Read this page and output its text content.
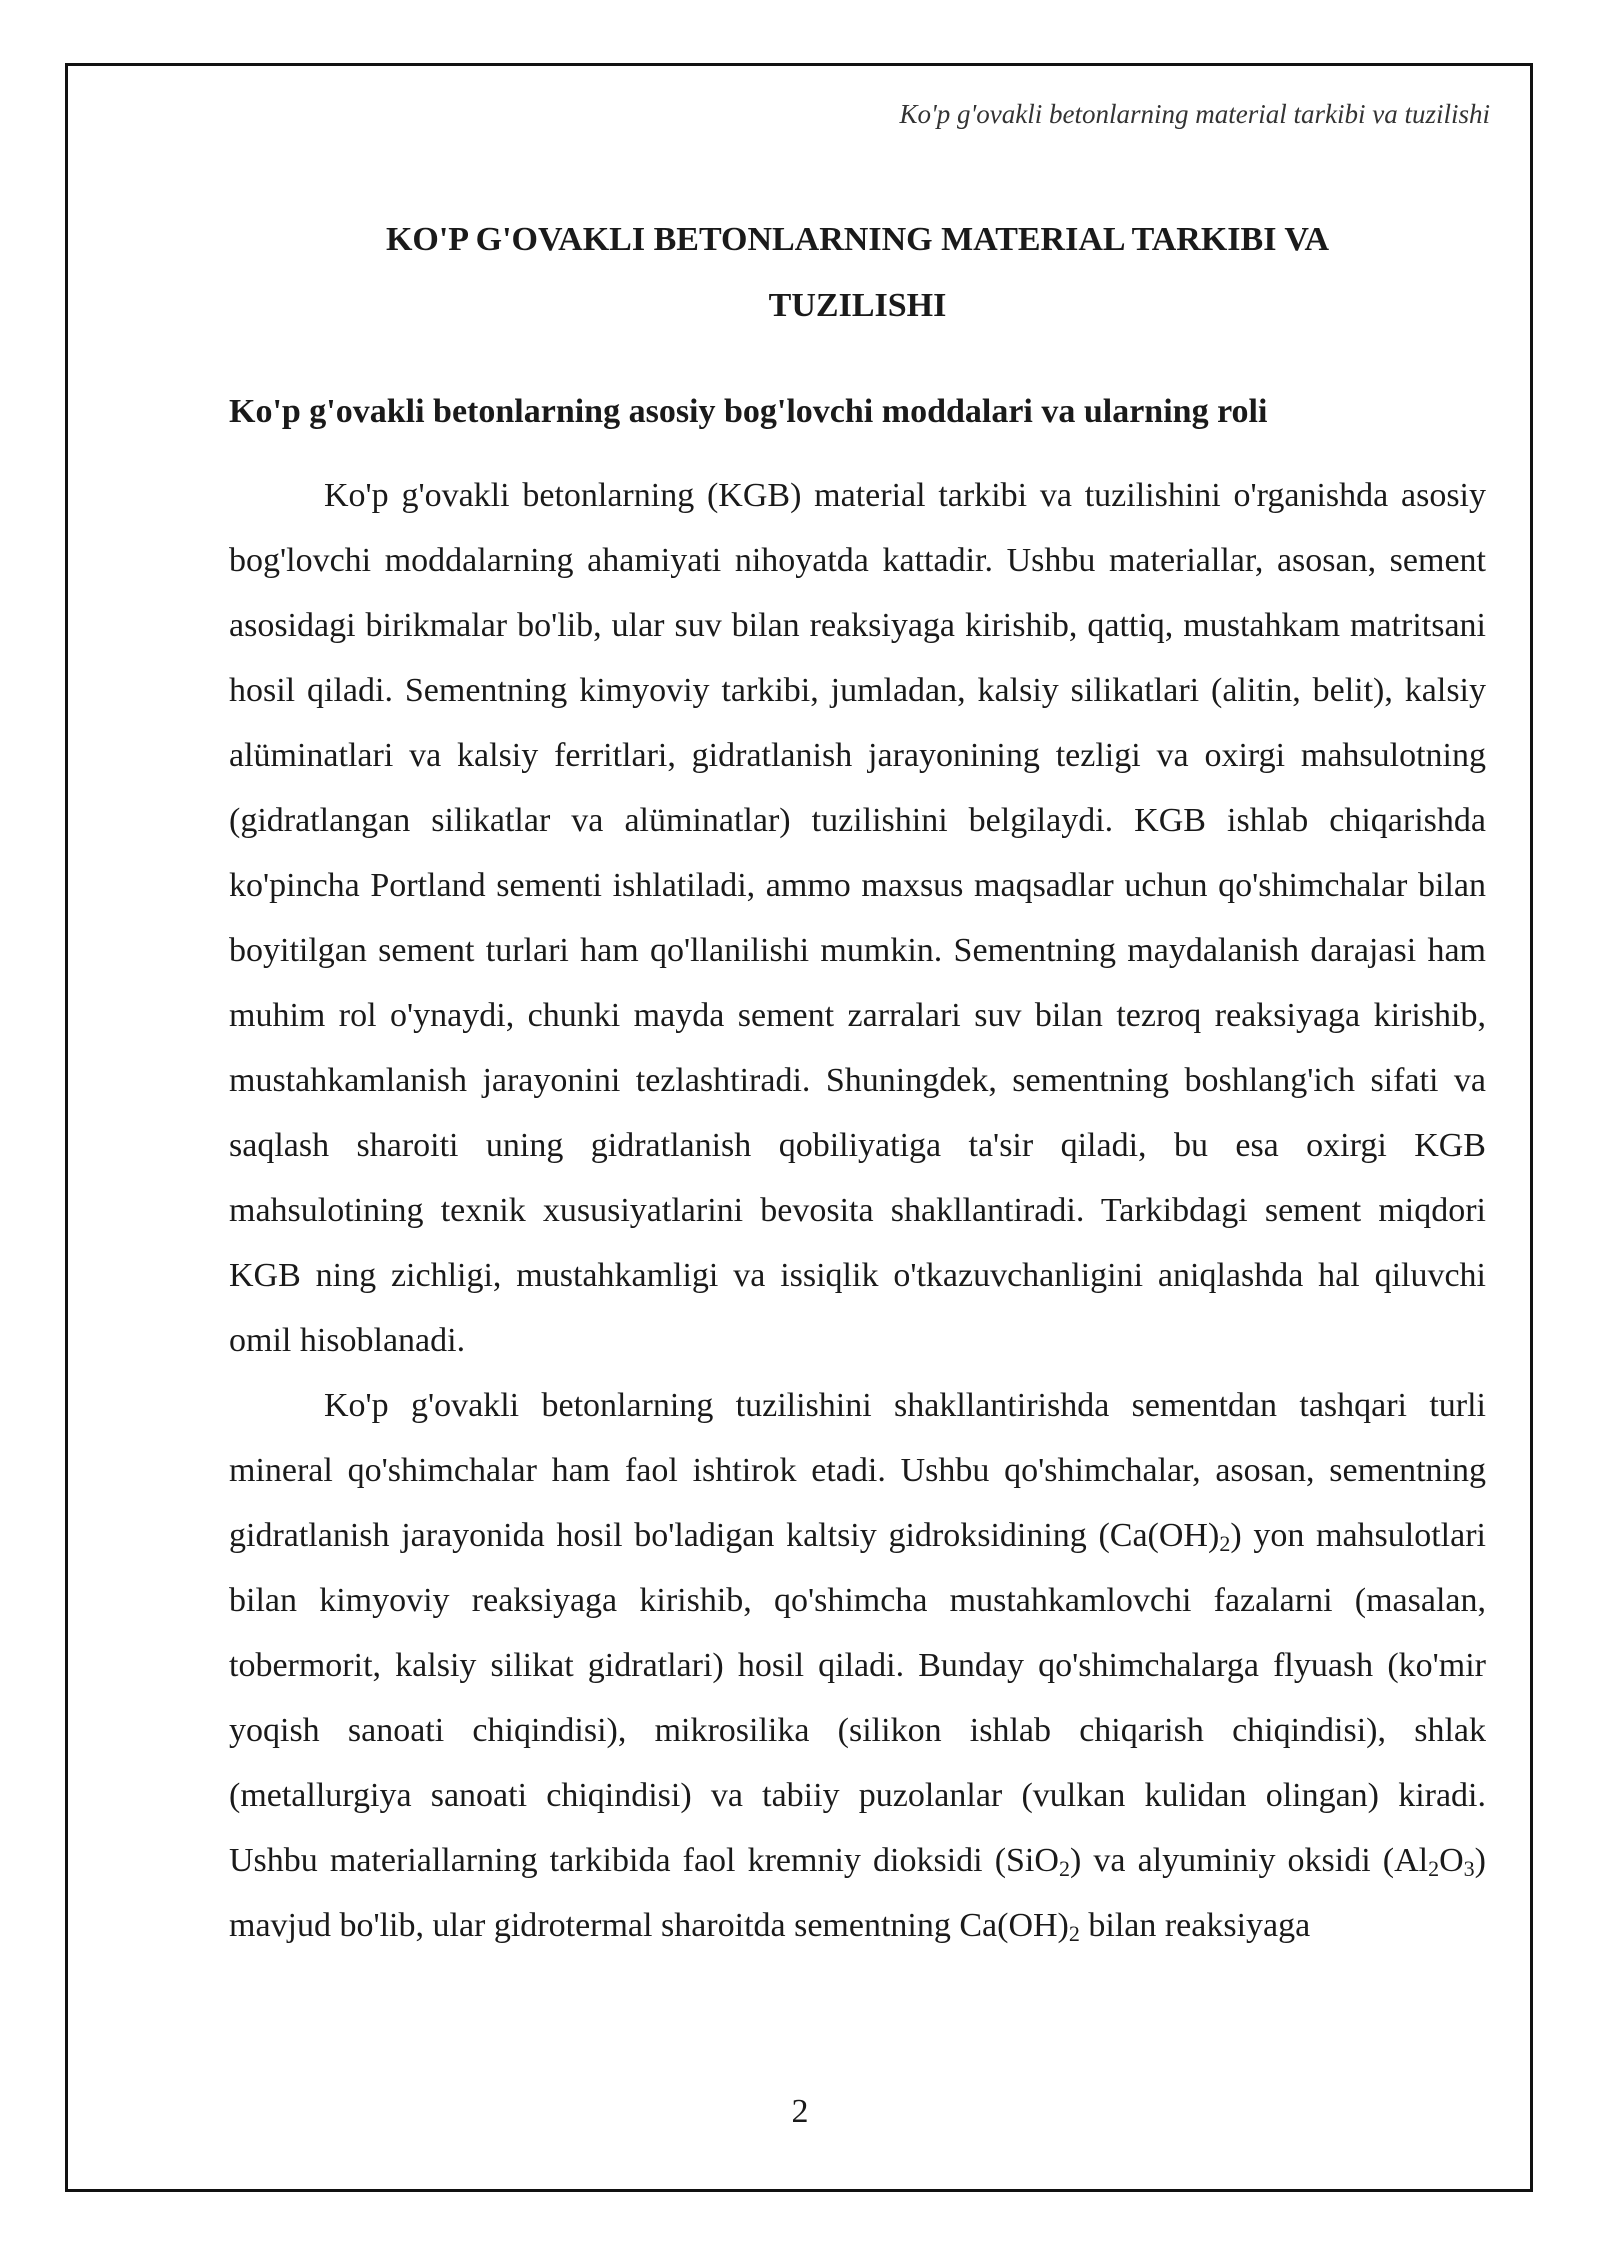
Ko'p g'ovakli betonlarning material tarkibi va tuzilishi
KO'P G'OVAKLI BETONLARNING MATERIAL TARKIBI VA
TUZILISHI
Ko'p g'ovakli betonlarning asosiy bog'lovchi moddalari va ularning roli

Ko'p g'ovakli betonlarning (KGB) material tarkibi va tuzilishini o'rganishda asosiy bog'lovchi moddalarning ahamiyati nihoyatda kattadir. Ushbu materiallar, asosan, sement asosidagi birikmalar bo'lib, ular suv bilan reaksiyaga kirishib, qattiq, mustahkam matritsani hosil qiladi. Sementning kimyoviy tarkibi, jumladan, kalsiy silikatlari (alitin, belit), kalsiy alüminatlari va kalsiy ferritlari, gidratlanish jarayonining tezligi va oxirgi mahsulotning (gidratlangan silikatlar va alüminatlar) tuzilishini belgilaydi. KGB ishlab chiqarishda ko'pincha Portland sementi ishlatiladi, ammo maxsus maqsadlar uchun qo'shimchalar bilan boyitilgan sement turlari ham qo'llanilishi mumkin. Sementning maydalanish darajasi ham muhim rol o'ynaydi, chunki mayda sement zarralari suv bilan tezroq reaksiyaga kirishib, mustahkamlanish jarayonini tezlashtiradi. Shuningdek, sementning boshlang'ich sifati va saqlash sharoiti uning gidratlanish qobiliyatiga ta'sir qiladi, bu esa oxirgi KGB mahsulotining texnik xususiyatlarini bevosita shakllantiradi. Tarkibdagi sement miqdori KGB ning zichligi, mustahkamligi va issiqlik o'tkazuvchanligini aniqlashda hal qiluvchi omil hisoblanadi.

Ko'p g'ovakli betonlarning tuzilishini shakllantirishda sementdan tashqari turli mineral qo'shimchalar ham faol ishtirok etadi. Ushbu qo'shimchalar, asosan, sementning gidratlanish jarayonida hosil bo'ladigan kaltsiy gidroksidining $(Ca(OH)_2)$ yon mahsulotlari bilan kimyoviy reaksiyaga kirishib, qo'shimcha mustahkamlovchi fazalarni (masalan, tobermorit, kalsiy silikat gidratlari) hosil qiladi. Bunday qo'shimchalarga flyuash (ko'mir yoqish sanoati chiqindisi), mikrosilika (silikon ishlab chiqarish chiqindisi), shlak (metallurgiya sanoati chiqindisi) va tabiiy puzolanlar (vulkan kulidan olingan) kiradi. Ushbu materiallarning tarkibida faol kremniy dioksidi (SiO$_2$) va alyuminiy oksidi $(Al_2O_3)$ mavjud bo'lib, ular gidrotermal sharoitda sementning $Ca(OH)_2$ bilan reaksiyaga

2
